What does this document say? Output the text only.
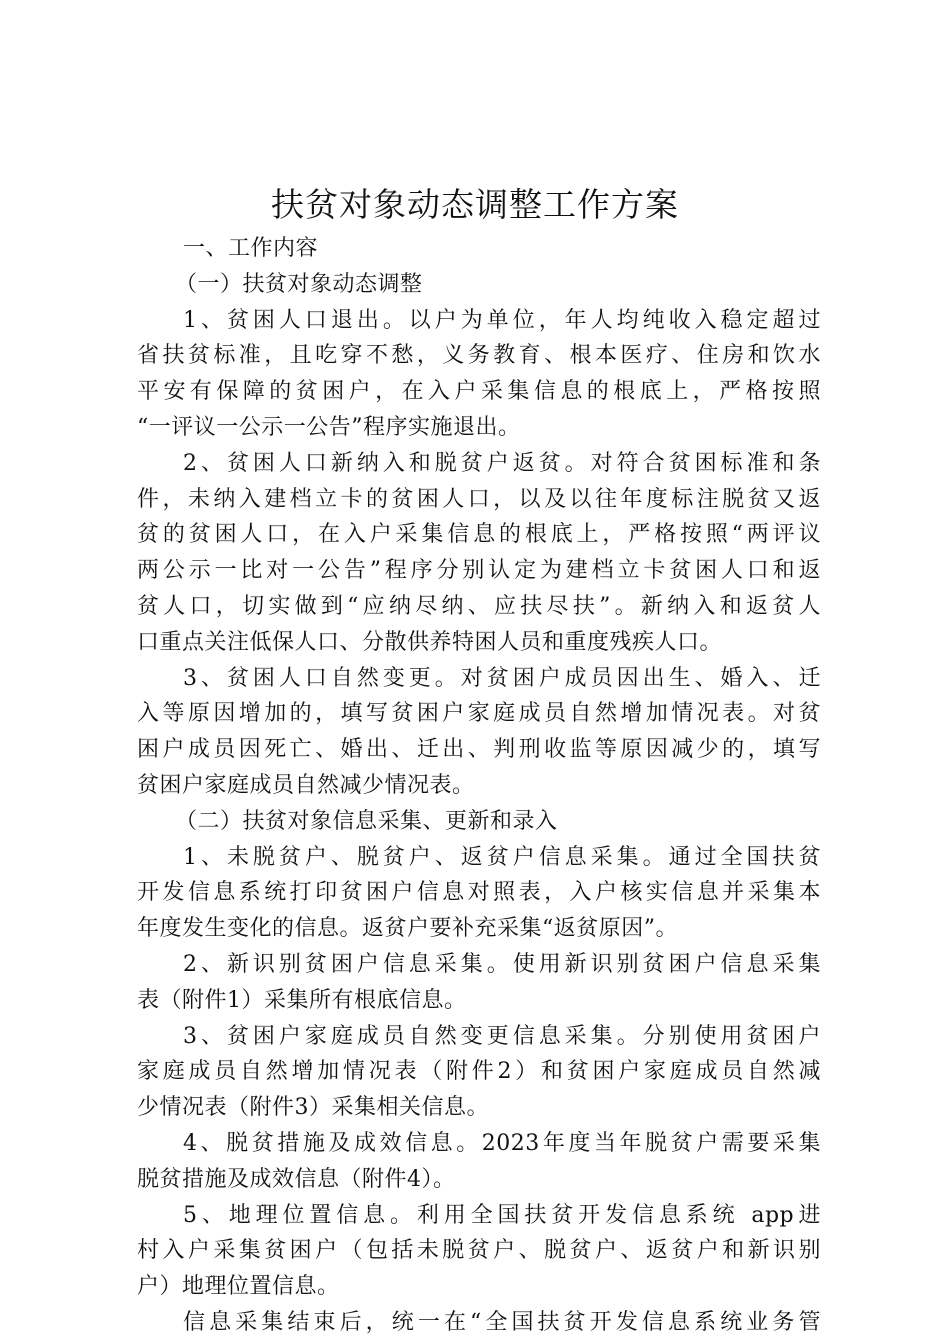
扶贫对象动态调整工作方案
一、工作内容
（一）扶贫对象动态调整
1、贫困人口退出。以户为单位，年人均纯收入稳定超过
省扶贫标准，且吃穿不愁，义务教育、根本医疗、住房和饮水
平安有保障的贫困户，在入户采集信息的根底上，严格按照
“一评议一公示一公告”程序实施退出。
2、贫困人口新纳入和脱贫户返贫。对符合贫困标准和条
件，未纳入建档立卡的贫困人口，以及以往年度标注脱贫又返
贫的贫困人口，在入户采集信息的根底上，严格按照“两评议
两公示一比对一公告”程序分别认定为建档立卡贫困人口和返
贫人口，切实做到“应纳尽纳、应扶尽扶”。新纳入和返贫人
口重点关注低保人口、分散供养特困人员和重度残疾人口。
3、贫困人口自然变更。对贫困户成员因出生、婚入、迁
入等原因增加的，填写贫困户家庭成员自然增加情况表。对贫
困户成员因死亡、婚出、迁出、判刑收监等原因减少的，填写
贫困户家庭成员自然减少情况表。
（二）扶贫对象信息采集、更新和录入
1、未脱贫户、脱贫户、返贫户信息采集。通过全国扶贫
开发信息系统打印贫困户信息对照表，入户核实信息并采集本
年度发生变化的信息。返贫户要补充采集“返贫原因”。
2、新识别贫困户信息采集。使用新识别贫困户信息采集
表（附件1）采集所有根底信息。
3、贫困户家庭成员自然变更信息采集。分别使用贫困户
家庭成员自然增加情况表（附件2）和贫困户家庭成员自然减
少情况表（附件3）采集相关信息。
4、脱贫措施及成效信息。2023年度当年脱贫户需要采集
脱贫措施及成效信息（附件4）。
5、地理位置信息。利用全国扶贫开发信息系统 app进
村入户采集贫困户（包括未脱贫户、脱贫户、返贫户和新识别
户）地理位置信息。
信息采集结束后，统一在“全国扶贫开发信息系统业务管
